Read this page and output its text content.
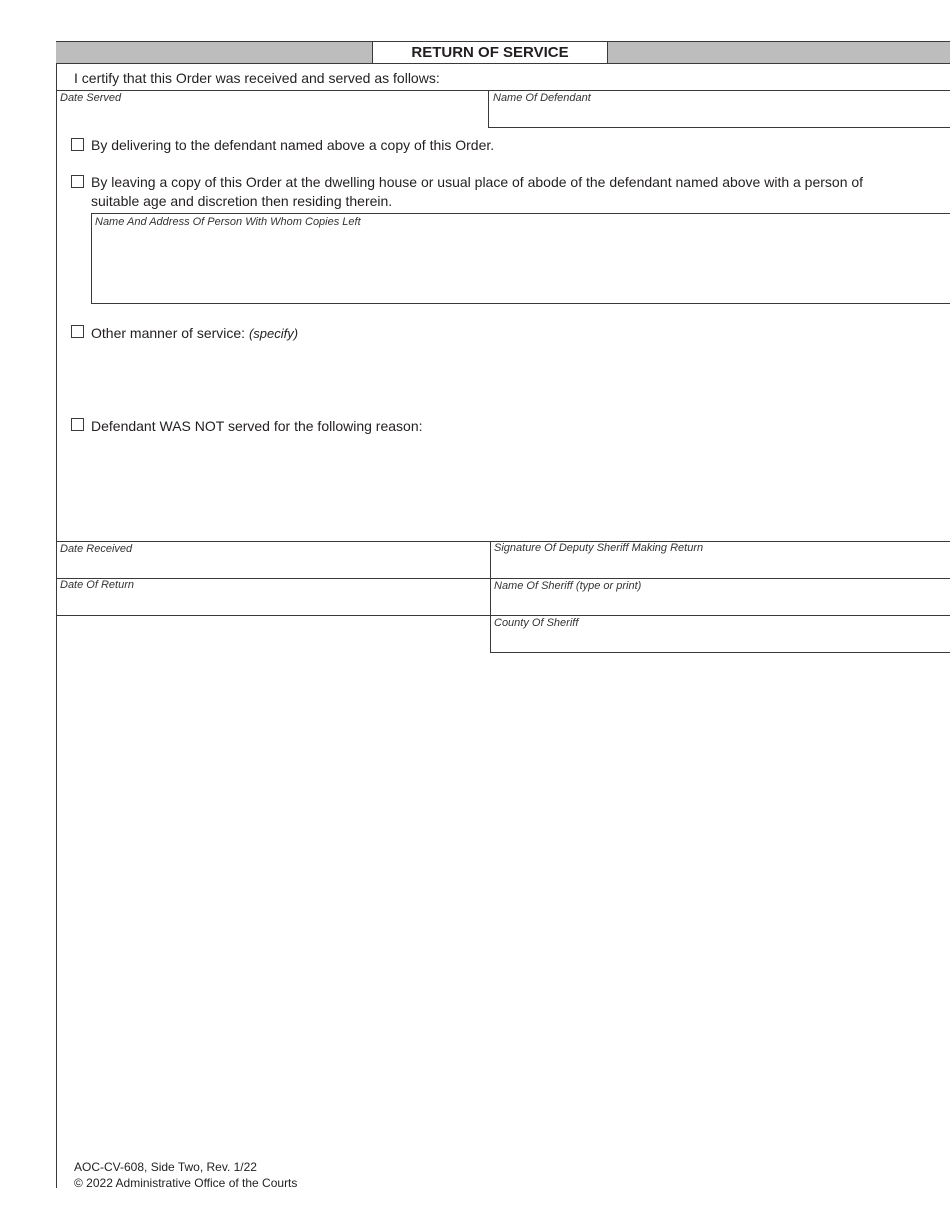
RETURN OF SERVICE
I certify that this Order was received and served as follows:
Date Served	Name Of Defendant
By delivering to the defendant named above a copy of this Order.
By leaving a copy of this Order at the dwelling house or usual place of abode of the defendant named above with a person of
suitable age and discretion then residing therein.
Name And Address Of Person With Whom Copies Left
Other manner of service: (specify)
Defendant WAS NOT served for the following reason:
Date Received	Signature Of Deputy Sheriff Making Return
Date Of Return	Name Of Sheriff (type or print)
County Of Sheriff
AOC-CV-608, Side Two, Rev. 1/22
© 2022 Administrative Office of the Courts
